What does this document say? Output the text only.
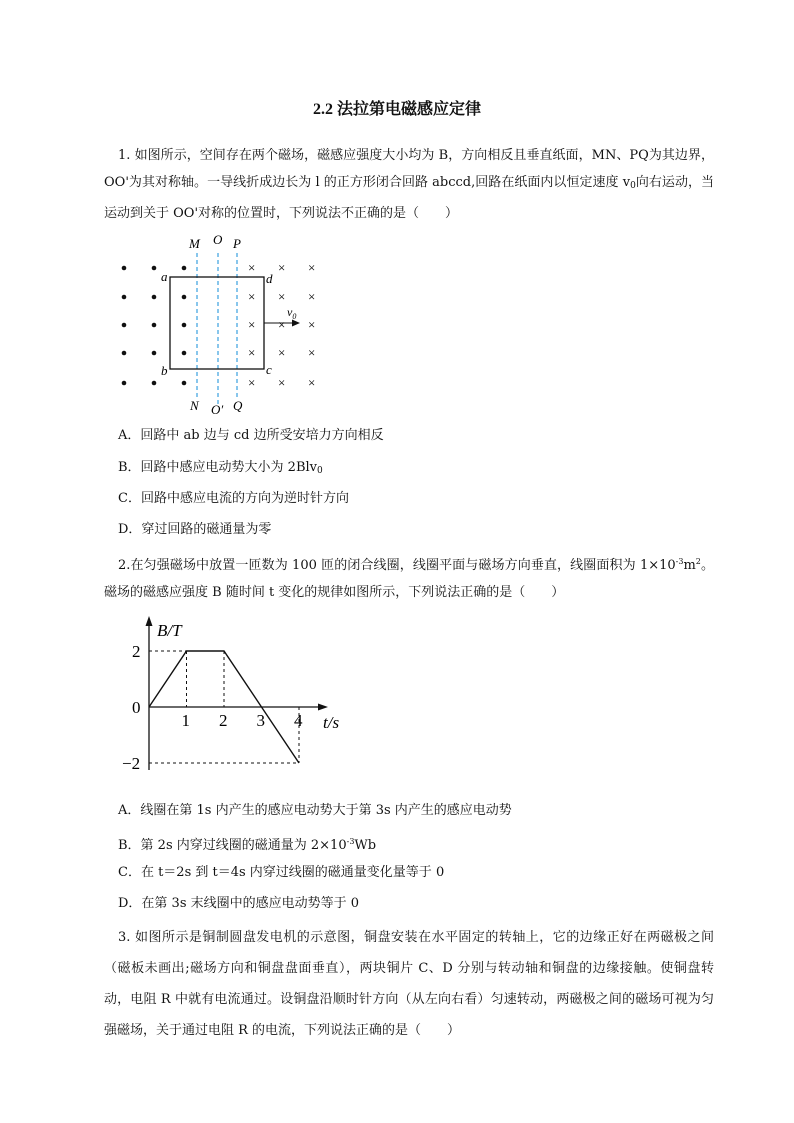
2.2 法拉第电磁感应定律
1. 如图所示，空间存在两个磁场，磁感应强度大小均为 B，方向相反且垂直纸面，MN、PQ为其边界， OO'为其对称轴。一导线折成边长为 l 的正方形闭合回路 abccd,回路在纸面内以恒定速度 $v_0$向右运动，当运动到关于 OO'对称的位置时，下列说法不正确的是（　　）
× × ×
× × ×
× × ×
× × ×
× × ×
$v_0$
M O P
a
b	c
d
N O′ Q
A．回路中 ab 边与 cd 边所受安培力方向相反
B．回路中感应电动势大小为 2Blv$_0$
C．回路中感应电流的方向为逆时针方向
D．穿过回路的磁通量为零
2.在匀强磁场中放置一匝数为 100 匝的闭合线圈，线圈平面与磁场方向垂直，线圈面积为 $1\times 10^{-3}m^2$。磁场的磁感应强度 B 随时间 t 变化的规律如图所示，下列说法正确的是（　　）
B/T
t/s
1 2 3 4
2
0
−2
A．线圈在第 1s 内产生的感应电动势大于第 3s 内产生的感应电动势
B．第 2s 内穿过线圈的磁通量为 $2\times 10^{-3}Wb$
C．在 t＝2s 到 t＝4s 内穿过线圈的磁通量变化量等于 0
D．在第 3s 末线圈中的感应电动势等于 0
3. 如图所示是铜制圆盘发电机的示意图，铜盘安装在水平固定的转轴上，它的边缘正好在两磁极之间（磁板未画出;磁场方向和铜盘盘面垂直），两块铜片 C、D 分别与转动轴和铜盘的边缘接触。使铜盘转动，电阻 R 中就有电流通过。设铜盘沿顺时针方向（从左向右看）匀速转动，两磁极之间的磁场可视为匀强磁场，关于通过电阻 R 的电流，下列说法正确的是（　　）
